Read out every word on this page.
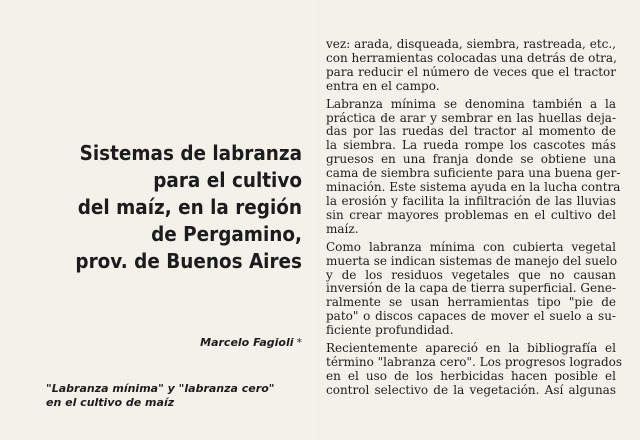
Sistemas de labranza
para el cultivo
del maíz, en la región
de Pergamino,
prov. de Buenos Aires
Marcelo Fagioli *
"Labranza mínima" y "labranza cero"
en el cultivo de maíz
vez: arada, disqueada, siembra, rastreada, etc.,
con herramientas colocadas una detrás de otra,
para reducir el número de veces que el tractor
entra en el campo.
Labranza mínima se denomina también a la
práctica de arar y sembrar en las huellas deja-
das por las ruedas del tractor al momento de
la siembra. La rueda rompe los cascotes más
gruesos en una franja donde se obtiene una
cama de siembra suficiente para una buena ger-
minación. Este sistema ayuda en la lucha contra
la erosión y facilita la infiltración de las lluvias
sin crear mayores problemas en el cultivo del
maíz.
Como labranza mínima con cubierta vegetal
muerta se indican sistemas de manejo del suelo
y de los residuos vegetales que no causan
inversión de la capa de tierra superficial. Gene-
ralmente se usan herramientas tipo "pie de
pato" o discos capaces de mover el suelo a su-
ficiente profundidad.
Recientemente apareció en la bibliografía el
término "labranza cero". Los progresos logrados
en el uso de los herbicidas hacen posible el
control selectivo de la vegetación. Así algunas
